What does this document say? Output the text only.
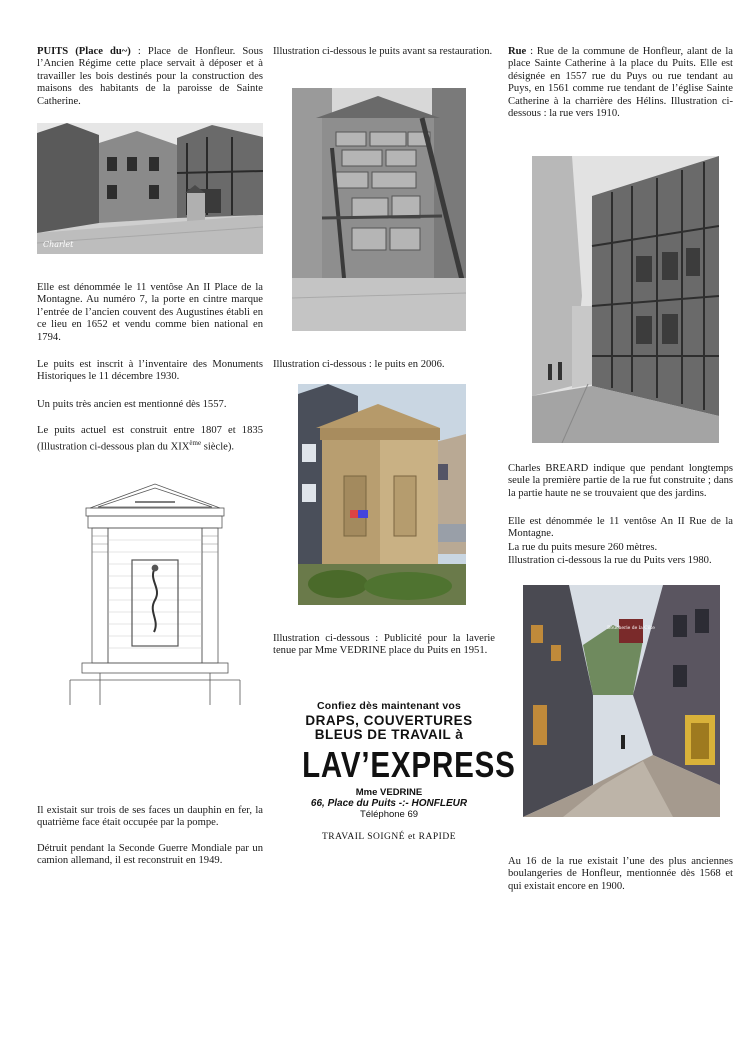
PUITS (Place du~) : Place de Honfleur. Sous l’Ancien Régime cette place servait à déposer et à travailler les bois destinés pour la construction des maisons des habitants de la paroisse de Sainte Catherine.

Charlet

Elle est dénommée le 11 ventôse An II Place de la Montagne. Au numéro 7, la porte en cintre marque l’entrée de l’ancien couvent des Augustines établi en ce lieu en 1652 et vendu comme bien national en 1794.

Le puits est inscrit à l’inventaire des Monuments Historiques le 11 décembre 1930.

Un puits très ancien est mentionné dès 1557.

Le puits actuel est construit entre 1807 et 1835 (Illustration ci-dessous plan du XIXème siècle).

Il existait sur trois de ses faces un dauphin en fer, la quatrième face était occupée par la pompe.

Détruit pendant la Seconde Guerre Mondiale par un camion allemand, il est reconstruit en 1949.

Illustration ci-dessous le puits avant sa restauration.

Illustration ci-dessous : le puits en 2006.

Illustration ci-dessous : Publicité pour la laverie tenue par Mme VEDRINE place du Puits en 1951.

Confiez dès maintenant vos
DRAPS, COUVERTURES
BLEUS DE TRAVAIL à
LAV’EXPRESS
Mme VEDRINE
66, Place du Puits -:- HONFLEUR
Téléphone 69
TRAVAIL SOIGNÉ et RAPIDE

Rue : Rue de la commune de Honfleur, alant de la place Sainte Catherine à la place du Puits. Elle est désignée en 1557 rue du Puys ou rue tendant au Puys, en 1561 comme rue tendant de l’église Sainte Catherine à la charrière des Hélins. Illustration ci-dessous : la rue vers 1910.

Charles BREARD indique que pendant longtemps seule la première partie de la rue fut construite ; dans la partie haute ne se trouvaient que des jardins.

Elle est dénommée le 11 ventôse An II Rue de la Montagne.

La rue du puits mesure 260 mètres.

Illustration ci-dessous la rue du Puits vers 1980.

Boucherie de la Côte

Au 16 de la rue existait l’une des plus anciennes boulangeries de Honfleur, mentionnée dès 1568 et qui existait encore en 1900.
